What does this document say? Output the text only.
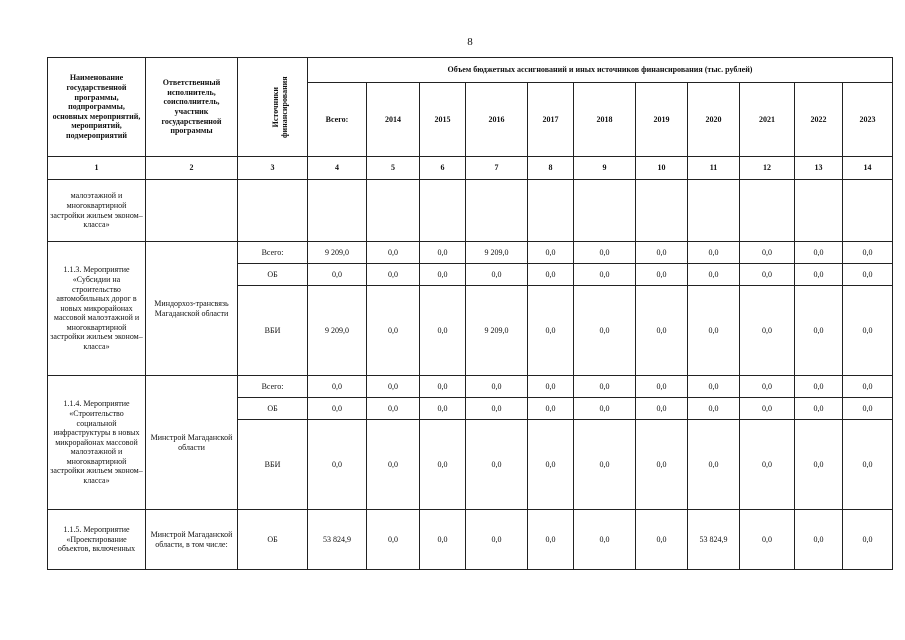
8
Наименование государственной программы, подпрограммы, основных мероприятий, мероприятий, подмероприятий	Ответственный исполнитель, соисполнитель, участник государственной программы	Источники финансирования	Объем бюджетных ассигнований и иных источников финансирования (тыс. рублей)										
			Всего:	2014	2015	2016	2017	2018	2019	2020	2021	2022	2023
1	2	3	4	5	6	7	8	9	10	11	12	13	14
малоэтажной и многоквартирной застройки жильем эконом–класса»													
1.1.3. Мероприятие «Субсидии на строительство автомобильных дорог в новых микрорайонах массовой малоэтажной и многоквартирной застройки жильем эконом–класса»	Миндорхоз-трансвязь Магаданской области	Всего:	9 209,0	0,0	0,0	9 209,0	0,0	0,0	0,0	0,0	0,0	0,0	0,0
		ОБ	0,0	0,0	0,0	0,0	0,0	0,0	0,0	0,0	0,0	0,0	0,0
		ВБИ	9 209,0	0,0	0,0	9 209,0	0,0	0,0	0,0	0,0	0,0	0,0	0,0
1.1.4. Мероприятие «Строительство социальной инфраструктуры в новых микрорайонах массовой малоэтажной и многоквартирной застройки жильем эконом–класса»	Минстрой Магаданской области	Всего:	0,0	0,0	0,0	0,0	0,0	0,0	0,0	0,0	0,0	0,0	0,0
		ОБ	0,0	0,0	0,0	0,0	0,0	0,0	0,0	0,0	0,0	0,0	0,0
		ВБИ	0,0	0,0	0,0	0,0	0,0	0,0	0,0	0,0	0,0	0,0	0,0
1.1.5. Мероприятие «Проектирование объектов, включенных	Минстрой Магаданской области, в том числе:	ОБ	53 824,9	0,0	0,0	0,0	0,0	0,0	0,0	53 824,9	0,0	0,0	0,0
